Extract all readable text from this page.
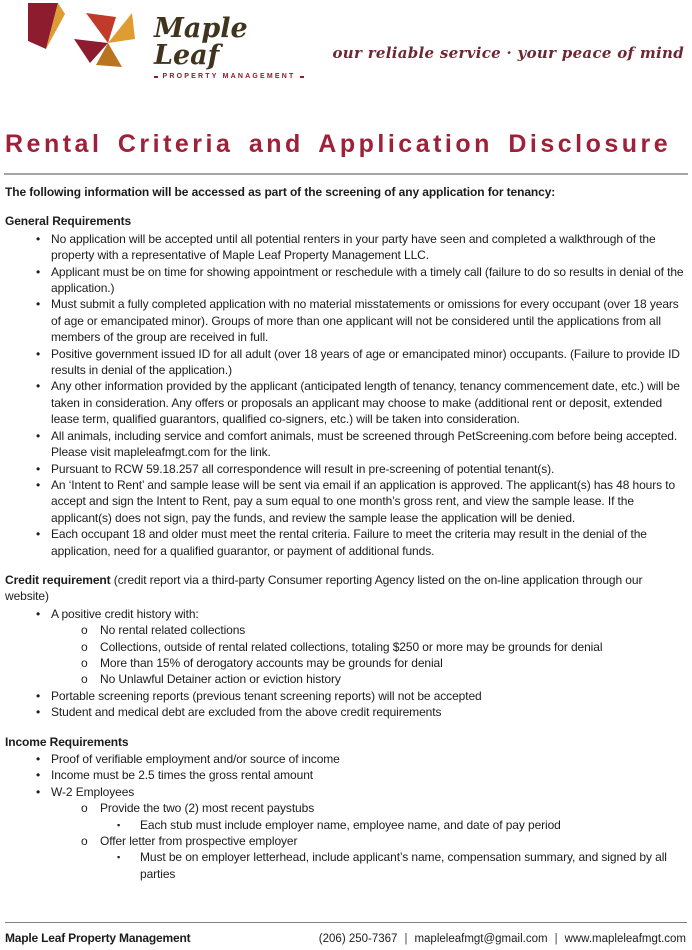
Maple Leaf
PROPERTY MANAGEMENT
our reliable service · your peace of mind
Rental Criteria and Application Disclosure

The following information will be accessed as part of the screening of any application for tenancy:

General Requirements

• No application will be accepted until all potential renters in your party have seen and completed a walkthrough of the property with a representative of Maple Leaf Property Management LLC.
• Applicant must be on time for showing appointment or reschedule with a timely call (failure to do so results in denial of the application.)
• Must submit a fully completed application with no material misstatements or omissions for every occupant (over 18 years of age or emancipated minor). Groups of more than one applicant will not be considered until the applications from all members of the group are received in full.
• Positive government issued ID for all adult (over 18 years of age or emancipated minor) occupants. (Failure to provide ID results in denial of the application.)
• Any other information provided by the applicant (anticipated length of tenancy, tenancy commencement date, etc.) will be taken in consideration. Any offers or proposals an applicant may choose to make (additional rent or deposit, extended lease term, qualified guarantors, qualified co-signers, etc.) will be taken into consideration.
• All animals, including service and comfort animals, must be screened through PetScreening.com before being accepted. Please visit mapleleafmgt.com for the link.
• Pursuant to RCW 59.18.257 all correspondence will result in pre-screening of potential tenant(s).
• An ‘Intent to Rent’ and sample lease will be sent via email if an application is approved. The applicant(s) has 48 hours to accept and sign the Intent to Rent, pay a sum equal to one month’s gross rent, and view the sample lease. If the applicant(s) does not sign, pay the funds, and review the sample lease the application will be denied.
• Each occupant 18 and older must meet the rental criteria. Failure to meet the criteria may result in the denial of the application, need for a qualified guarantor, or payment of additional funds.

Credit requirement (credit report via a third-party Consumer reporting Agency listed on the on-line application through our website)

• A positive credit history with:
o	No rental related collections
o	Collections, outside of rental related collections, totaling $250 or more may be grounds for denial
o	More than 15% of derogatory accounts may be grounds for denial
o	No Unlawful Detainer action or eviction history
• Portable screening reports (previous tenant screening reports) will not be accepted
• Student and medical debt are excluded from the above credit requirements

Income Requirements

• Proof of verifiable employment and/or source of income
• Income must be 2.5 times the gross rental amount
• W-2 Employees
o	Provide the two (2) most recent paystubs
▪	Each stub must include employer name, employee name, and date of pay period
o	Offer letter from prospective employer
▪	Must be on employer letterhead, include applicant’s name, compensation summary, and signed by all parties
Maple Leaf Property Management	(206) 250-7367 | mapleleafmgt@gmail.com | www.mapleleafmgt.com
